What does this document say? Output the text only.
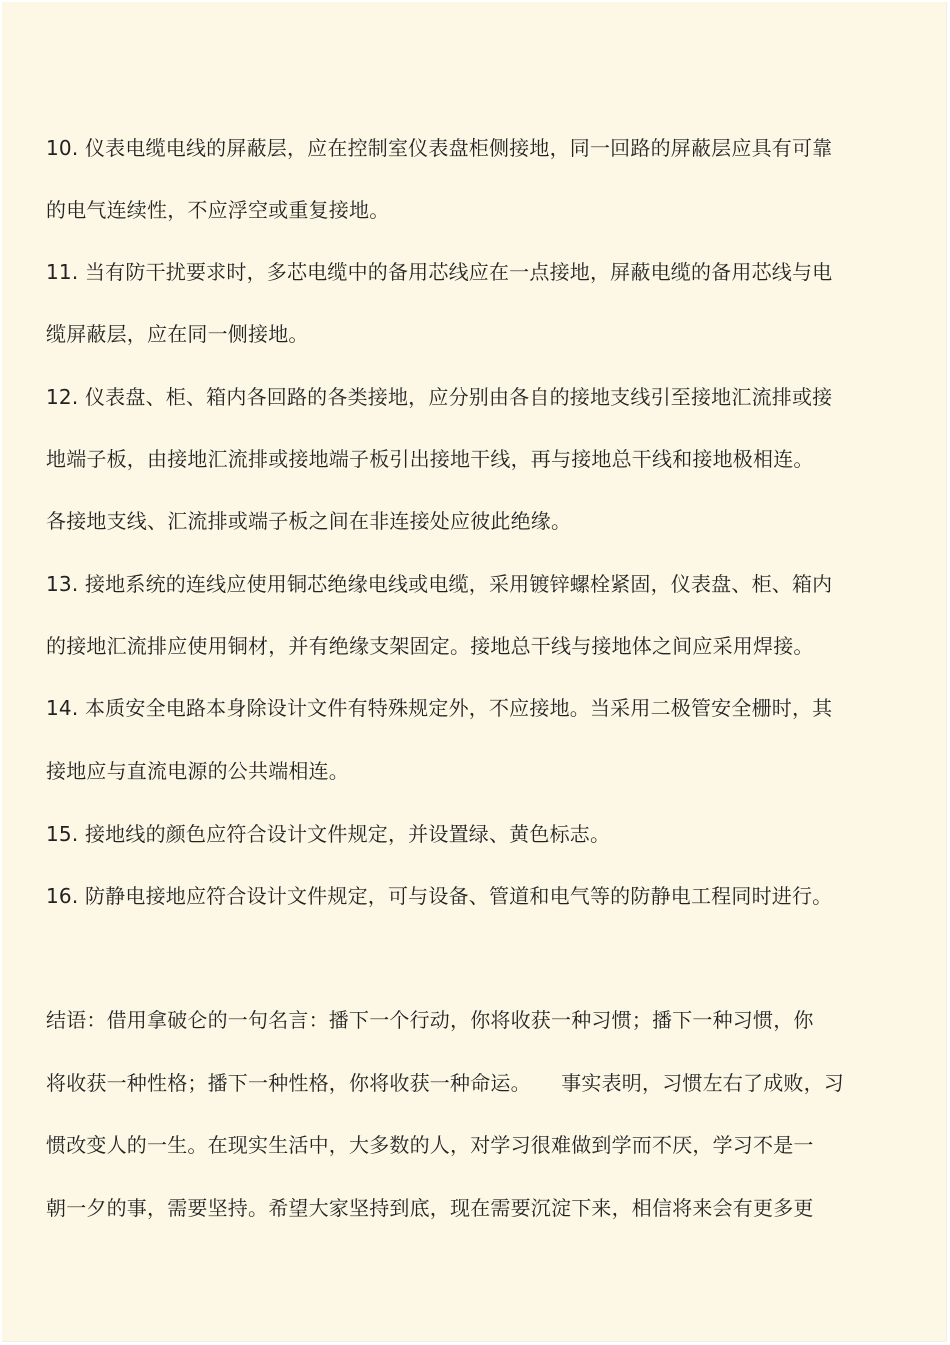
10. 仪表电缆电线的屏蔽层，应在控制室仪表盘柜侧接地，同一回路的屏蔽层应具有可靠
的电气连续性，不应浮空或重复接地。
11. 当有防干扰要求时，多芯电缆中的备用芯线应在一点接地，屏蔽电缆的备用芯线与电
缆屏蔽层，应在同一侧接地。
12. 仪表盘、柜、箱内各回路的各类接地，应分别由各自的接地支线引至接地汇流排或接
地端子板，由接地汇流排或接地端子板引出接地干线，再与接地总干线和接地极相连。
各接地支线、汇流排或端子板之间在非连接处应彼此绝缘。
13. 接地系统的连线应使用铜芯绝缘电线或电缆，采用镀锌螺栓紧固，仪表盘、柜、箱内
的接地汇流排应使用铜材，并有绝缘支架固定。接地总干线与接地体之间应采用焊接。
14. 本质安全电路本身除设计文件有特殊规定外，不应接地。当采用二极管安全栅时，其
接地应与直流电源的公共端相连。
15. 接地线的颜色应符合设计文件规定，并设置绿、黄色标志。
16. 防静电接地应符合设计文件规定，可与设备、管道和电气等的防静电工程同时进行。
结语：借用拿破仑的一句名言：播下一个行动，你将收获一种习惯；播下一种习惯，你
将收获一种性格；播下一种性格，你将收获一种命运。　　事实表明，习惯左右了成败，习
惯改变人的一生。在现实生活中，大多数的人，对学习很难做到学而不厌，学习不是一
朝一夕的事，需要坚持。希望大家坚持到底，现在需要沉淀下来，相信将来会有更多更
